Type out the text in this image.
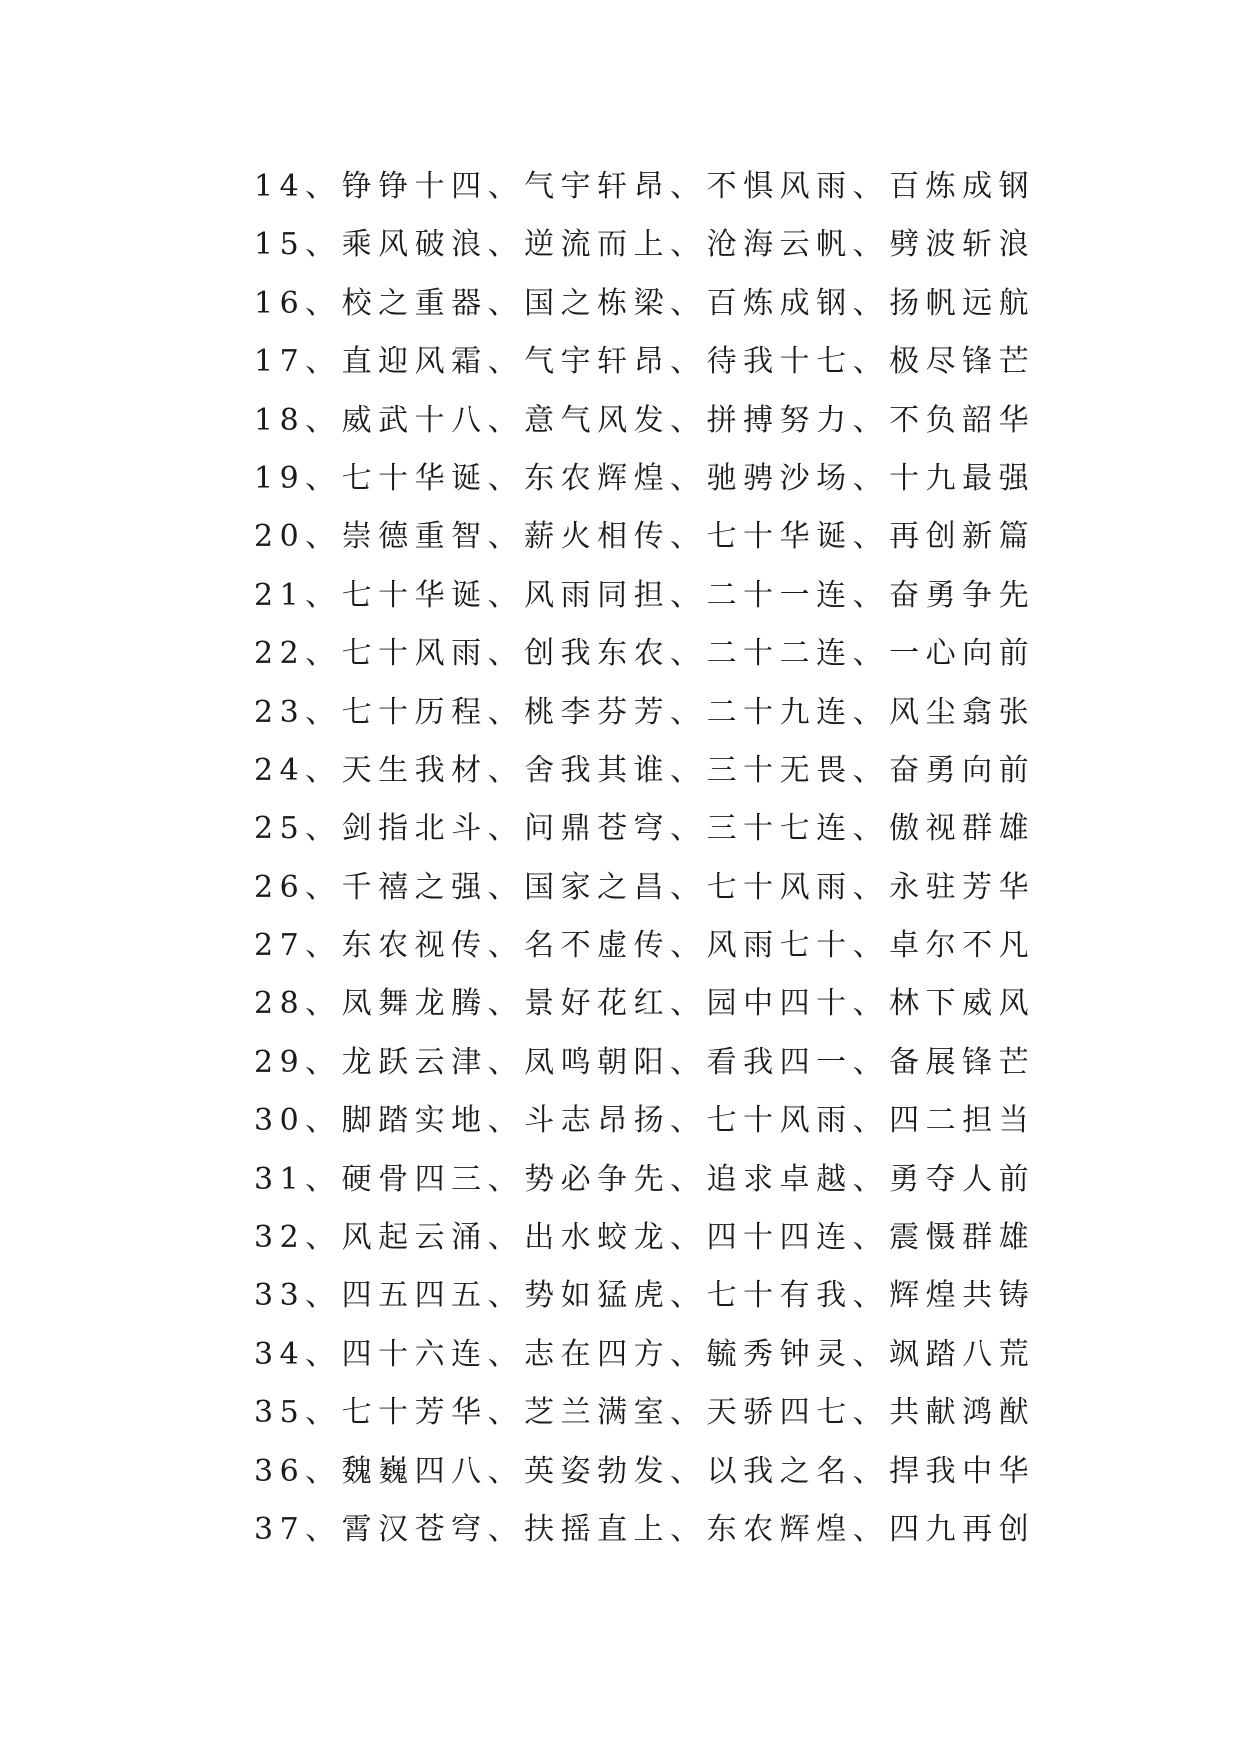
14、铮铮十四、气宇轩昂、不惧风雨、百炼成钢
15、乘风破浪、逆流而上、沧海云帆、劈波斩浪
16、校之重器、国之栋梁、百炼成钢、扬帆远航
17、直迎风霜、气宇轩昂、待我十七、极尽锋芒
18、威武十八、意气风发、拼搏努力、不负韶华
19、七十华诞、东农辉煌、驰骋沙场、十九最强
20、崇德重智、薪火相传、七十华诞、再创新篇
21、七十华诞、风雨同担、二十一连、奋勇争先
22、七十风雨、创我东农、二十二连、一心向前
23、七十历程、桃李芬芳、二十九连、风尘翕张
24、天生我材、舍我其谁、三十无畏、奋勇向前
25、剑指北斗、问鼎苍穹、三十七连、傲视群雄
26、千禧之强、国家之昌、七十风雨、永驻芳华
27、东农视传、名不虚传、风雨七十、卓尔不凡
28、凤舞龙腾、景好花红、园中四十、林下威风
29、龙跃云津、凤鸣朝阳、看我四一、备展锋芒
30、脚踏实地、斗志昂扬、七十风雨、四二担当
31、硬骨四三、势必争先、追求卓越、勇夺人前
32、风起云涌、出水蛟龙、四十四连、震慑群雄
33、四五四五、势如猛虎、七十有我、辉煌共铸
34、四十六连、志在四方、毓秀钟灵、飒踏八荒
35、七十芳华、芝兰满室、天骄四七、共献鸿猷
36、魏巍四八、英姿勃发、以我之名、捍我中华
37、霄汉苍穹、扶摇直上、东农辉煌、四九再创
